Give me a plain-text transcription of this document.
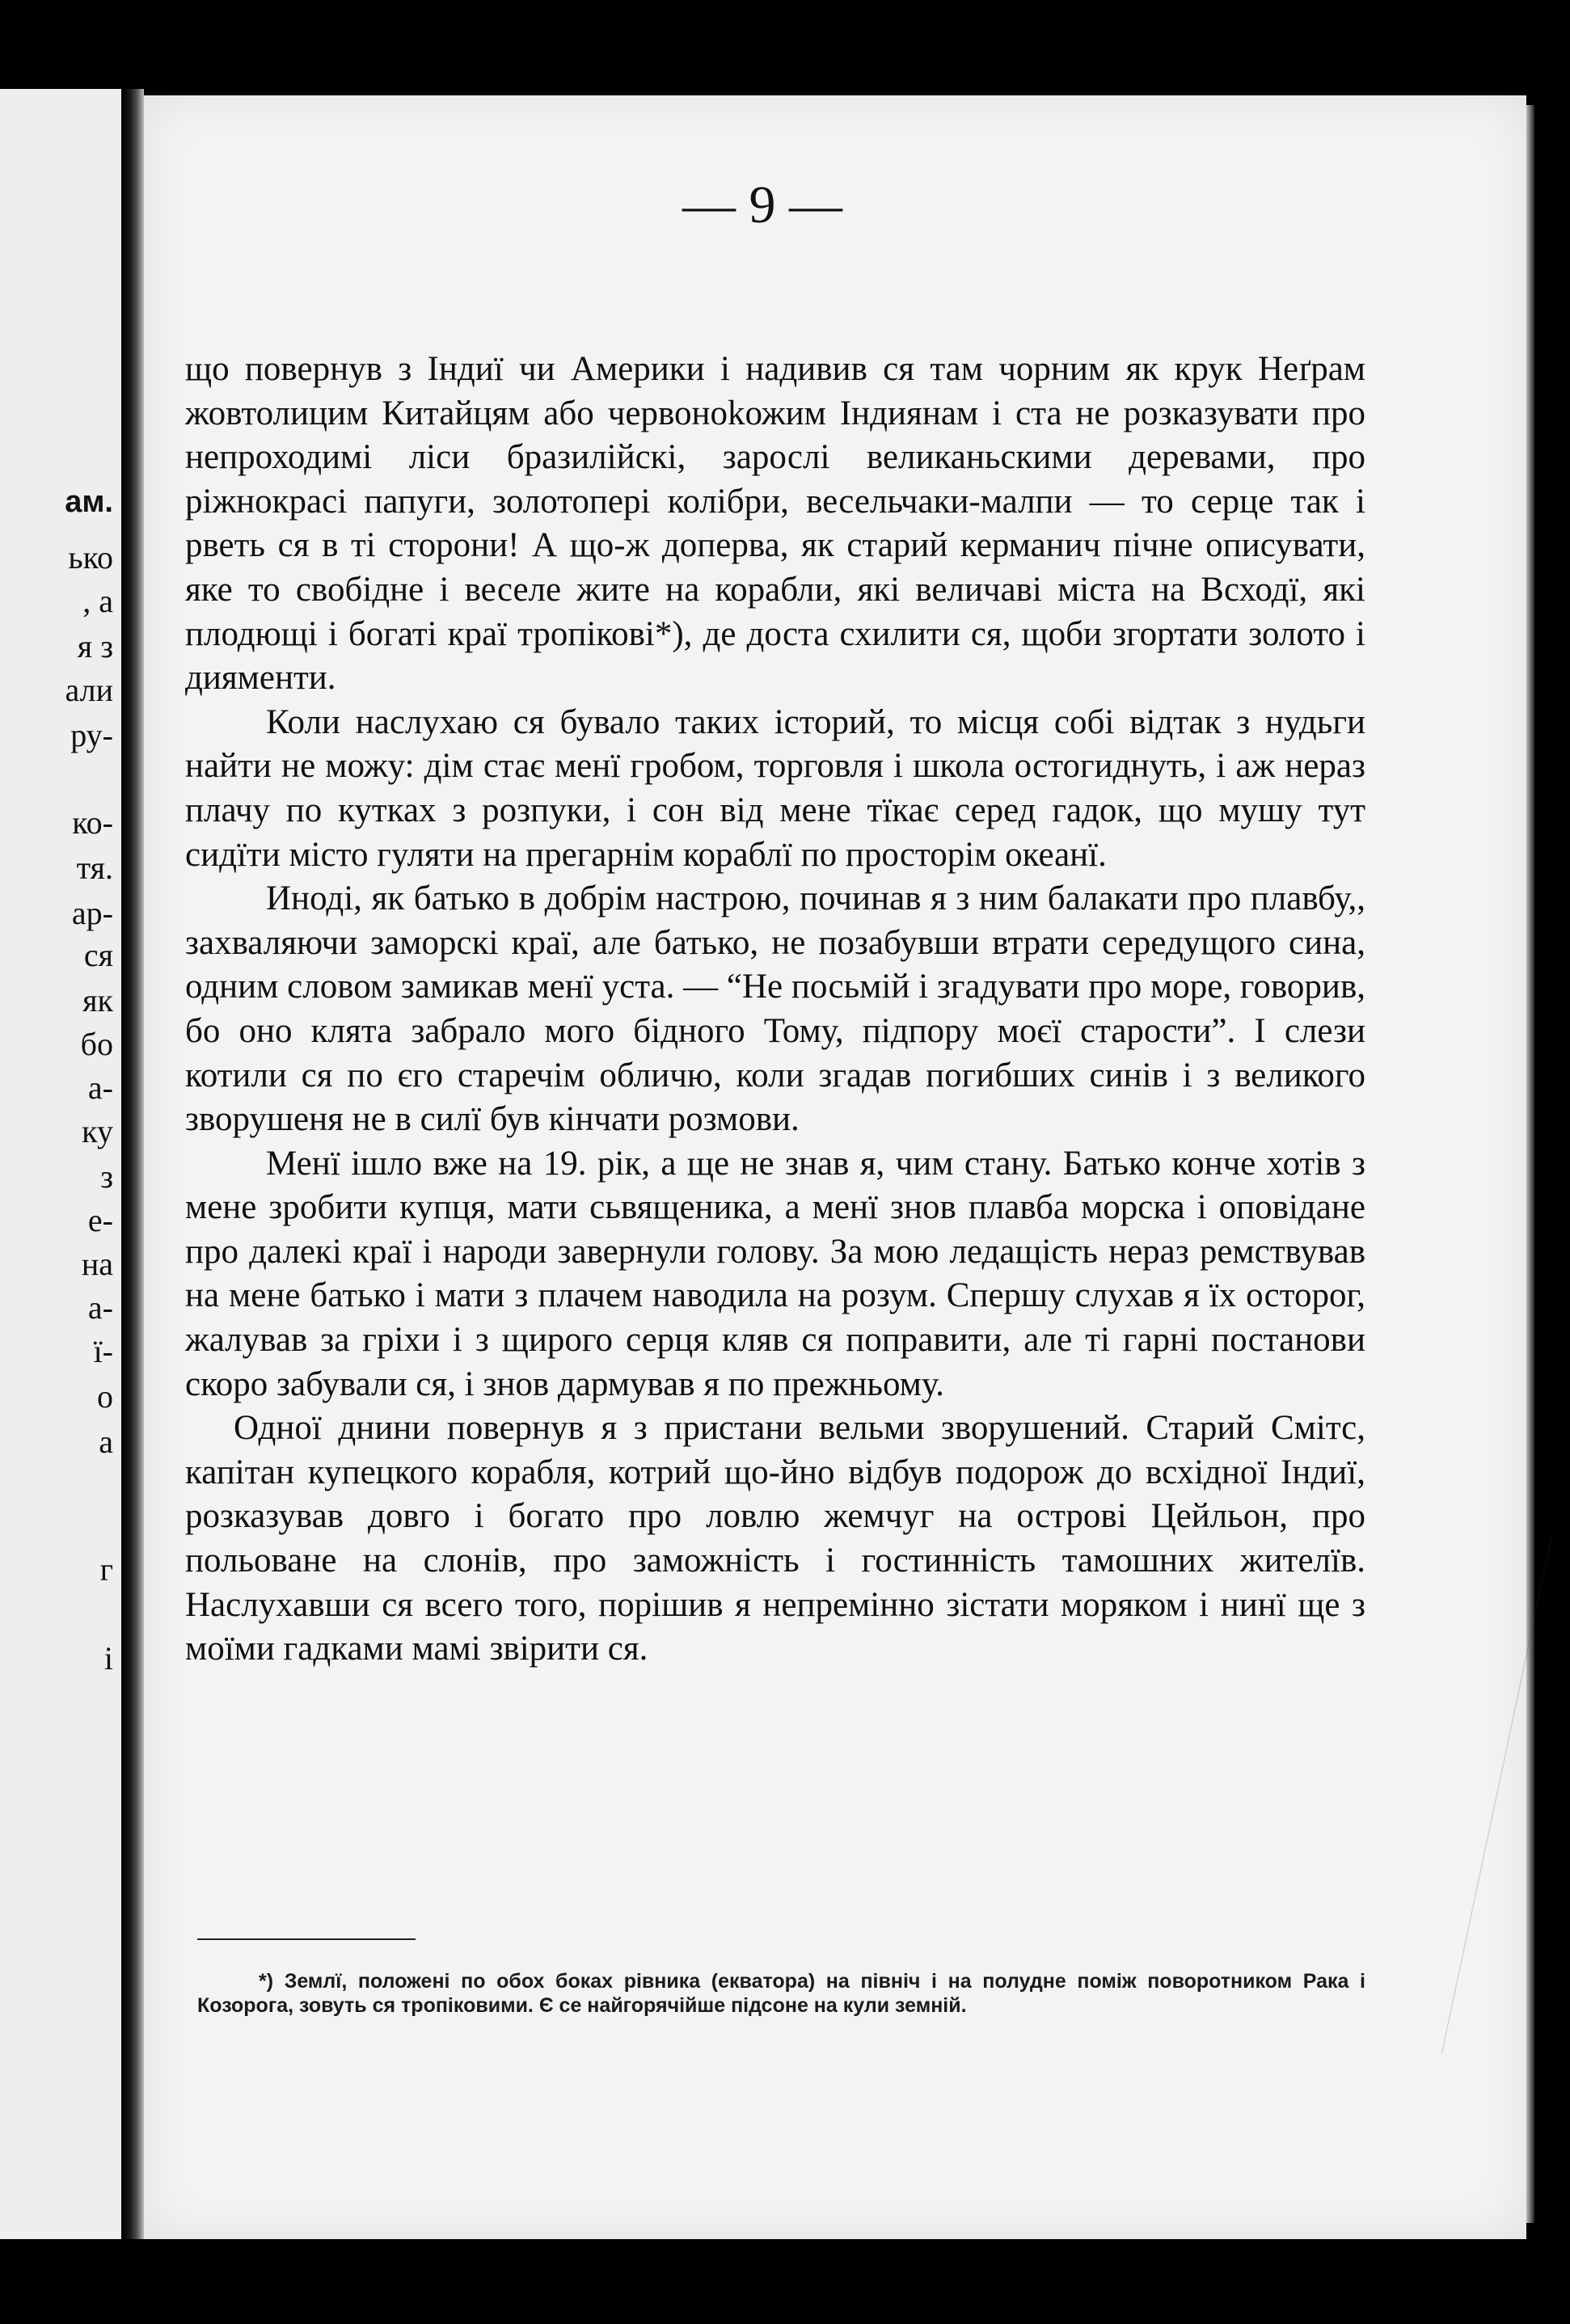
ам.
ько
, а
я з
али
ру-
ко-
тя.
ар-
ся
як
бо
а-
ку
з
е-
на
а-
ї-
о
а
г
і
— 9 —

що повернув з Індиї чи Америки і надивив ся там чорним як крук Неґрам жовтолицим Китайцям або червоноkожим Індиянам і ста не розказувати про непроходимі ліси бразилійскі, зарослі великаньскими деревами, про ріжнокрасі папуги, золотоперi колібри, весельчаки-малпи — то серце так і рветь ся в ті сторони! А що-ж доперва, як старий керманич пічне описувати, яке то свобідне і веселе жите на корабли, які величаві міста на Всходї, які плодющі і богаті краї тропікові*), де доста схилити ся, щоби згортати золото і дияменти.

Коли наслухаю ся бувало таких історий, то місця собі відтак з нудьги найти не можу: дім стає менї гробом, торговля і школа остогиднуть, і аж нераз плачу по кутках з розпуки, і сон від мене тїкає серед гадок, що мушу тут сидїти місто гуляти на прегарнім кораблї по просторім океанї.

Иноді, як батько в добрім настрою, починав я з ним балакати про плавбу,, захваляючи заморскі краї, але батько, не позабувши втрати середущого сина, одним словом замикав менї уста. — “Не посьмій і згадувати про море, говорив, бо оно клята забрало мого бідного Тому, підпору моєї старости”. І слези котили ся по єго старечім обличю, коли згадав погибших синів і з великого зворушеня не в силї був кінчати розмови.

Менї ішло вже на 19. рік, а ще не знав я, чим стану. Батько конче хотів з мене зробити купця, мати сьвященика, а менї знов плавба морска і оповідане про далекі краї і народи завернули голову. За мою ледащість нераз ремствував на мене батько і мати з плачем наводила на розум. Спершу слухав я їх осторог, жалував за гріхи і з щирого серця кляв ся поправити, але ті гарні постанови скоро забували ся, і знов дармував я по прежньому.

Одної днини повернув я з пристани вельми зворушений. Старий Смітс, капітан купецкого корабля, котрий що-йно відбув подорож до всхідної Індиї, розказував довго і богато про ловлю жемчуг на острові Цейльон, про польоване на слонів, про заможність і гостинність тамошних жителїв. Наслухавши ся всего того, порішив я непремінно зістати моряком і нинї ще з моїми гадками мамі звірити ся.

*) Землї, положені по обох боках рівника (екватора) на північ і на полудне поміж поворотником Рака і Козорога, зовуть ся тропіковими. Є се найгорячійше підсоне на кули земній.
